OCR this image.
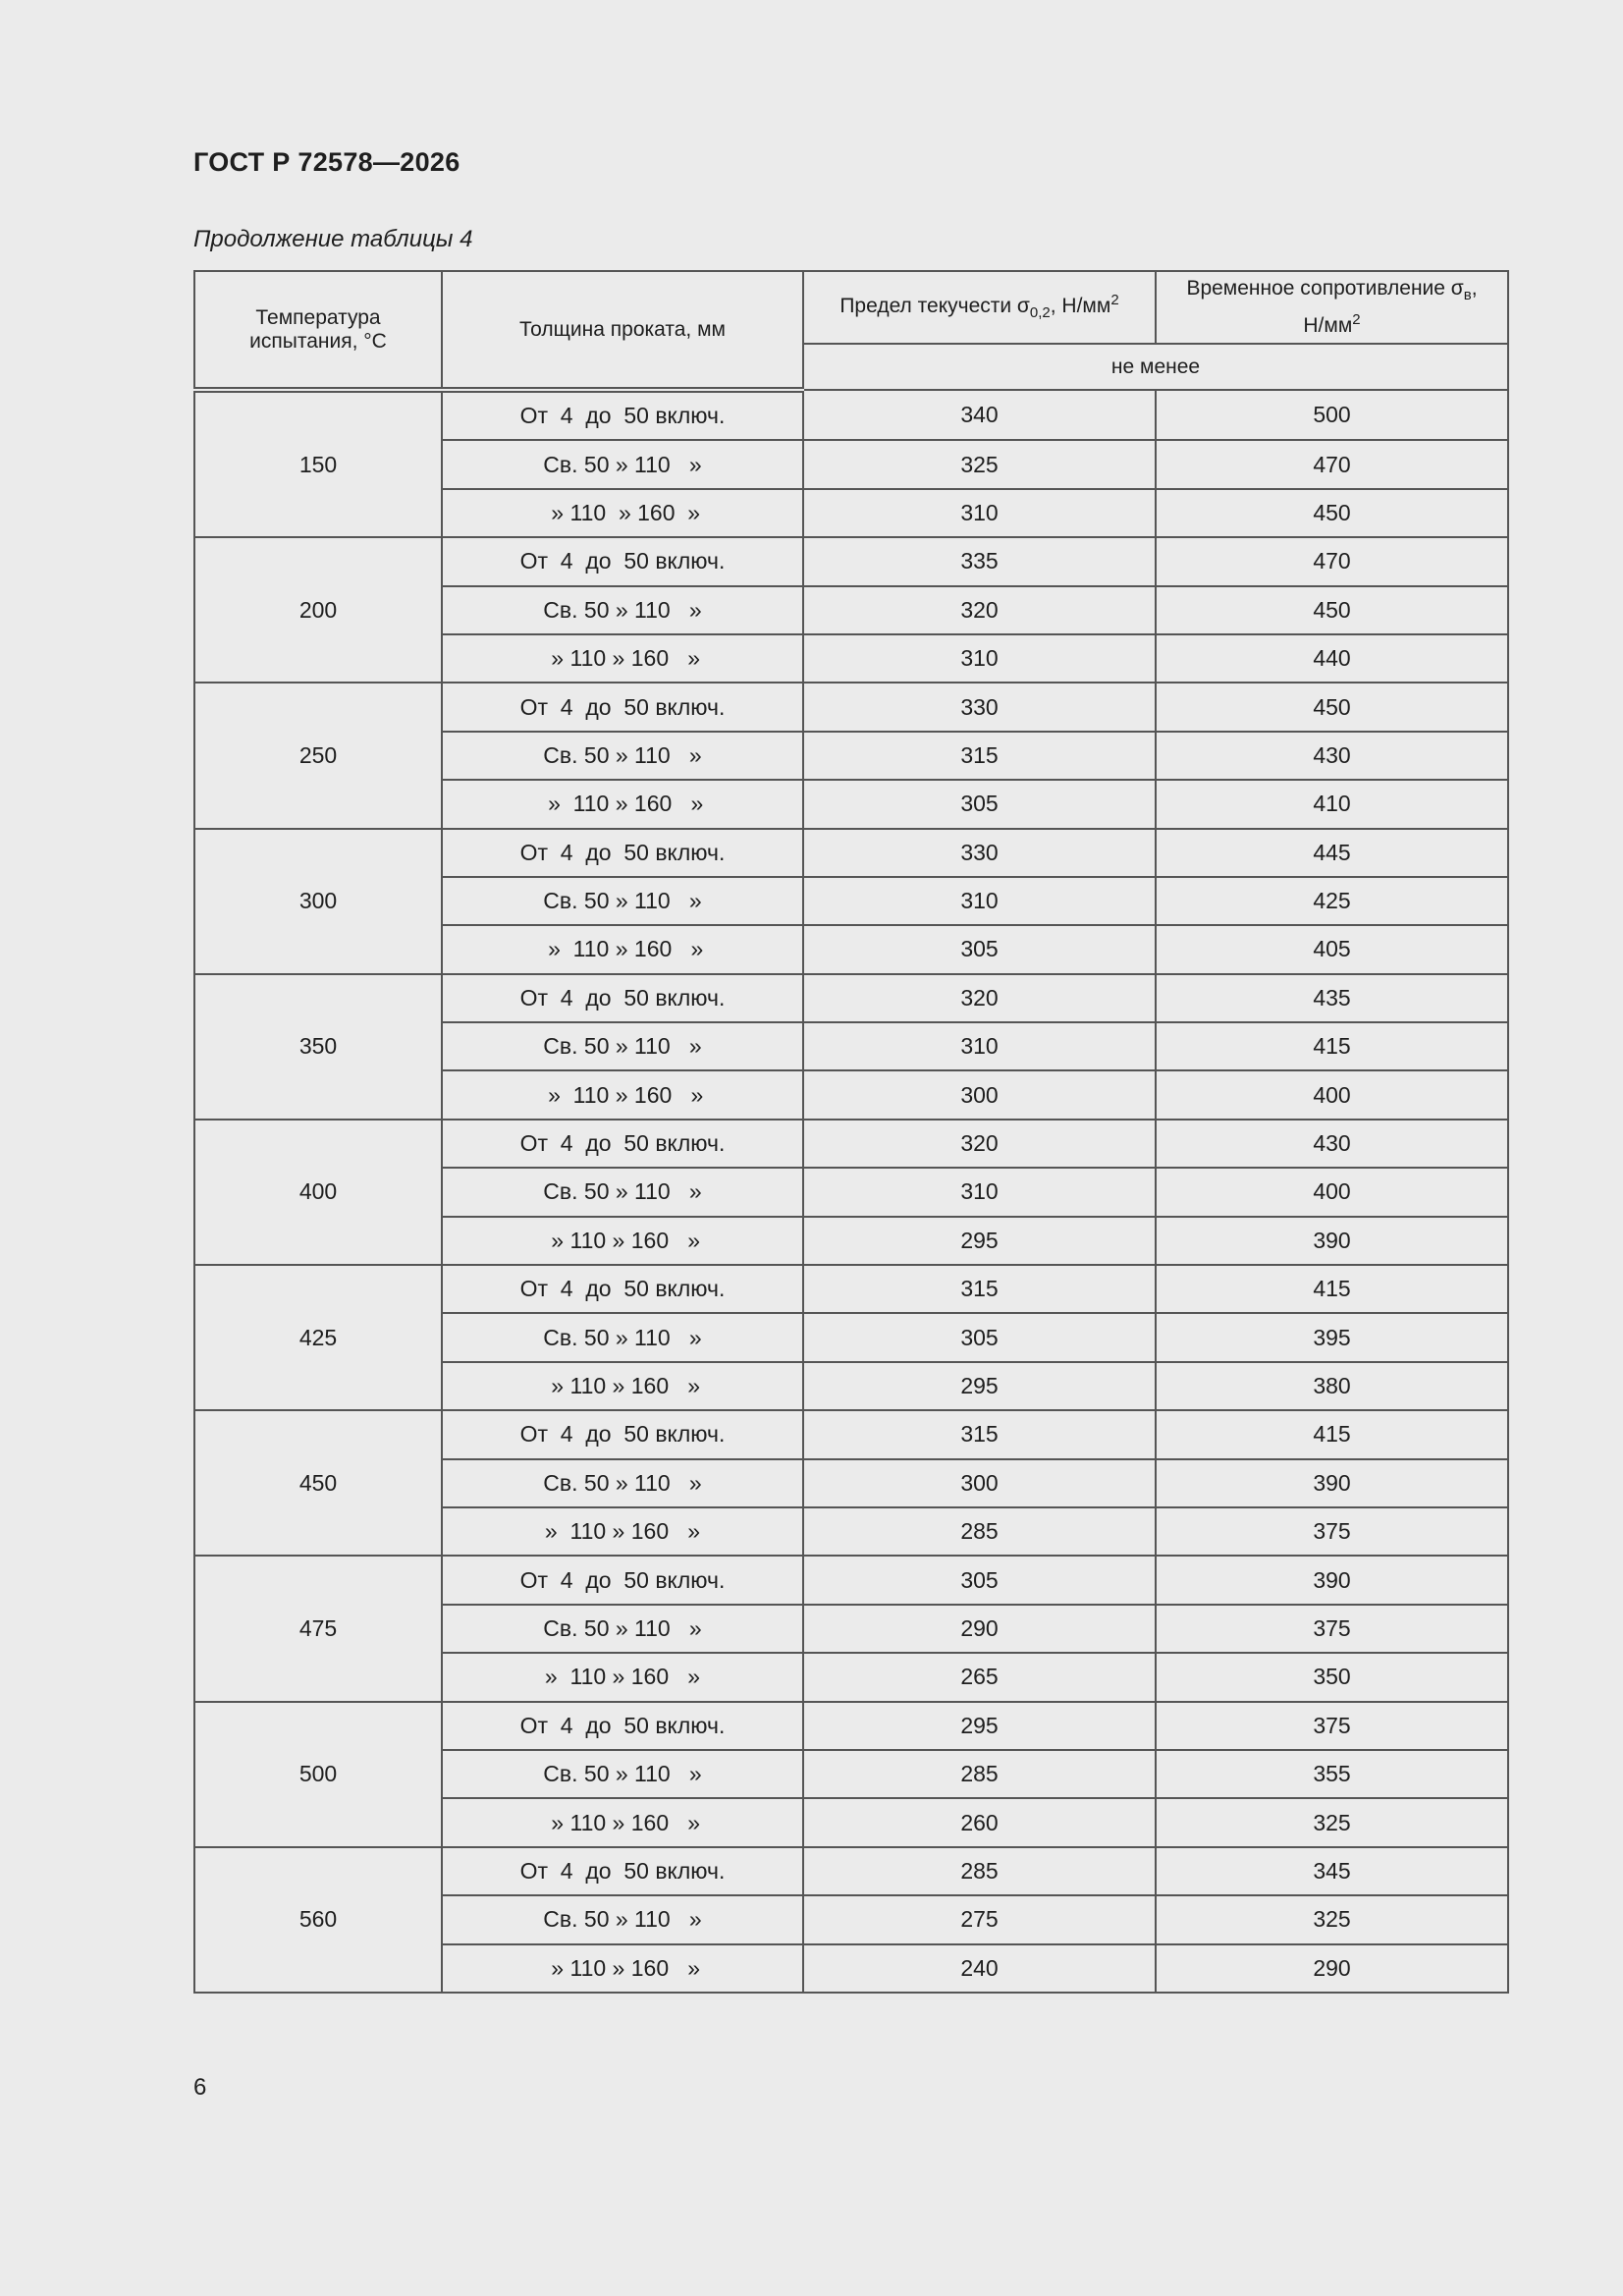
ГОСТ Р 72578—2026
Продолжение таблицы 4
Температура испытания, °С	Толщина проката, мм	Предел текучести $\sigma_{0,2}$, $Н/мм^2$	Временное сопротивление $\sigma_в$, $Н/мм^2$
		не менее	
150	От  4  до  50 включ.	340	500
	Св. 50 » 110   »	325	470
	» 110  » 160  »	310	450
200	От  4  до  50 включ.	335	470
	Св. 50 » 110   »	320	450
	» 110 » 160   »	310	440
250	От  4  до  50 включ.	330	450
	Св. 50 » 110   »	315	430
	»  110 » 160   »	305	410
300	От  4  до  50 включ.	330	445
	Св. 50 » 110   »	310	425
	»  110 » 160   »	305	405
350	От  4  до  50 включ.	320	435
	Св. 50 » 110   »	310	415
	»  110 » 160   »	300	400
400	От  4  до  50 включ.	320	430
	Св. 50 » 110   »	310	400
	» 110 » 160   »	295	390
425	От  4  до  50 включ.	315	415
	Св. 50 » 110   »	305	395
	» 110 » 160   »	295	380
450	От  4  до  50 включ.	315	415
	Св. 50 » 110   »	300	390
	»  110 » 160   »	285	375
475	От  4  до  50 включ.	305	390
	Св. 50 » 110   »	290	375
	»  110 » 160   »	265	350
500	От  4  до  50 включ.	295	375
	Св. 50 » 110   »	285	355
	» 110 » 160   »	260	325
560	От  4  до  50 включ.	285	345
	Св. 50 » 110   »	275	325
	» 110 » 160   »	240	290
6
